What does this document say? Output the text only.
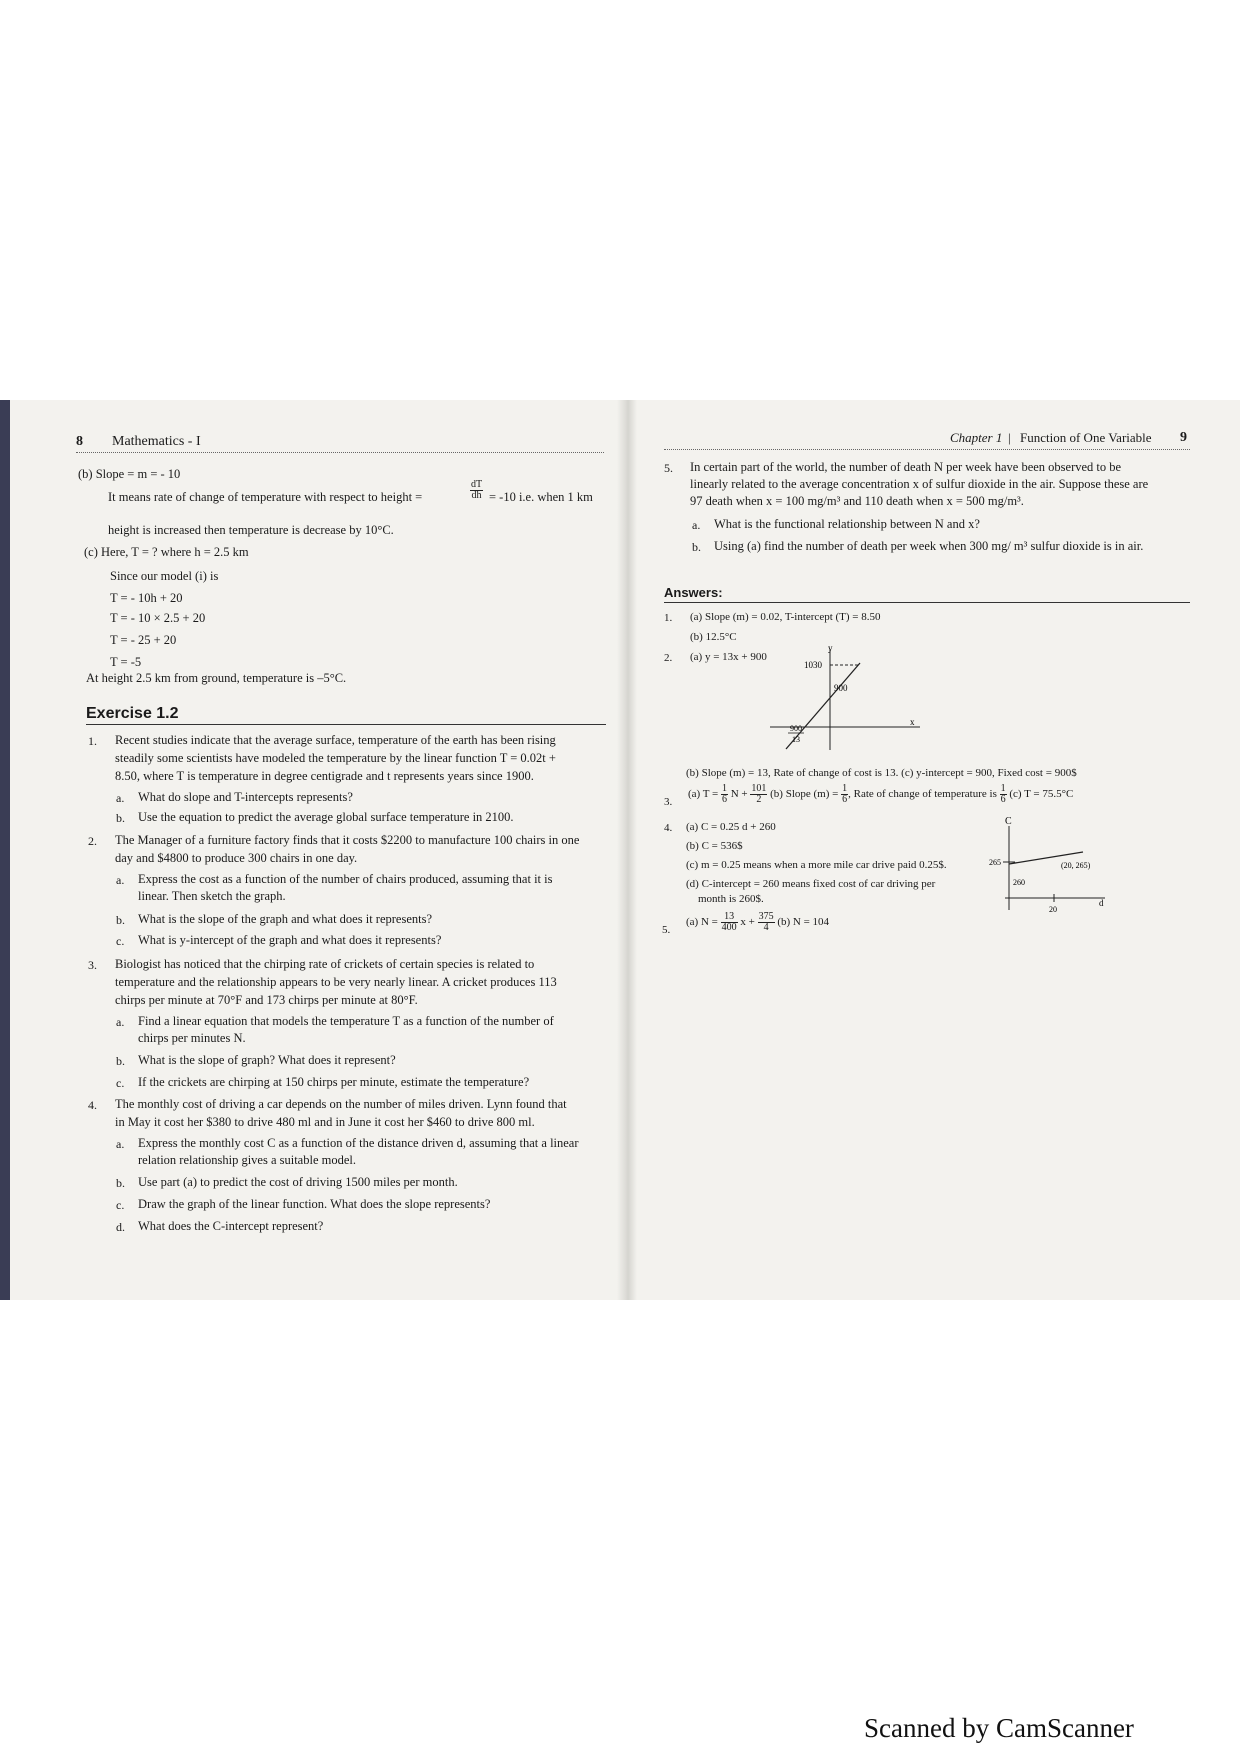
8 Mathematics - I
(b) Slope = m = - 10
It means rate of change of temperature with respect to height =	$\frac{dT}{dh} = -10$ i.e. when 1 km
height is increased then temperature is decrease by 10°C.
(c) Here, T = ? where h = 2.5 km
Since our model (i) is
T = - 10h + 20
T = - 10 × 2.5 + 20
T = - 25 + 20
T = -5
At height 2.5 km from ground, temperature is –5°C.
Exercise 1.2
1. Recent studies indicate that the average surface, temperature of the earth has been rising
steadily some scientists have modeled the temperature by the linear function T = 0.02t +
8.50, where T is temperature in degree centigrade and t represents years since 1900.
a. What do slope and T-intercepts represents?
b. Use the equation to predict the average global surface temperature in 2100.
2. The Manager of a furniture factory finds that it costs $2200 to manufacture 100 chairs in one
day and $4800 to produce 300 chairs in one day.
a. Express the cost as a function of the number of chairs produced, assuming that it is
linear. Then sketch the graph.
b. What is the slope of the graph and what does it represents?
c. What is y-intercept of the graph and what does it represents?
3. Biologist has noticed that the chirping rate of crickets of certain species is related to
temperature and the relationship appears to be very nearly linear. A cricket produces 113
chirps per minute at 70°F and 173 chirps per minute at 80°F.
a. Find a linear equation that models the temperature T as a function of the number of
chirps per minutes N.
b. What is the slope of graph? What does it represent?
c. If the crickets are chirping at 150 chirps per minute, estimate the temperature?
4. The monthly cost of driving a car depends on the number of miles driven. Lynn found that
in May it cost her $380 to drive 480 ml and in June it cost her $460 to drive 800 ml.
a. Express the monthly cost C as a function of the distance driven d, assuming that a linear
relation relationship gives a suitable model.
b. Use part (a) to predict the cost of driving 1500 miles per month.
c. Draw the graph of the linear function. What does the slope represents?
d. What does the C-intercept represent?
Chapter 1 | Function of One Variable 9
5. In certain part of the world, the number of death N per week have been observed to be
linearly related to the average concentration x of sulfur dioxide in the air. Suppose these are
97 death when x = 100 mg/m³ and 110 death when x = 500 mg/m³.
a. What is the functional relationship between N and x?
b. Using (a) find the number of death per week when 300 mg/ m³ sulfur dioxide is in air.
Answers:
1. (a) Slope (m) = 0.02, T-intercept (T) = 8.50
(b) 12.5°C
2. (a) y = 13x + 900
y
x
1030
900
900
13
(b) Slope (m) = 13, Rate of change of cost is 13. (c) y-intercept = 900, Fixed cost = 900$
3.
(a) $T = \frac{1}{6}$ $N + \frac{101}{2} (b)$ Slope $(m) = \frac{1}{6}$ , Rate of change of temperature is $\frac{1}{6} (c) T = 75.5^\circ C$
4. (a) C = 0.25 d + 260
(b) C = 536$
(c) m = 0.25 means when a more mile car drive paid 0.25$.
(d) C-intercept = 260 means fixed cost of car driving per
month is 260$.
C
d
265
260
20
(20, 265)
5.
(a) $N = \frac{13}{400}$ $x + \frac{375}{4} (b) N = 104$
Scanned by CamScanner
